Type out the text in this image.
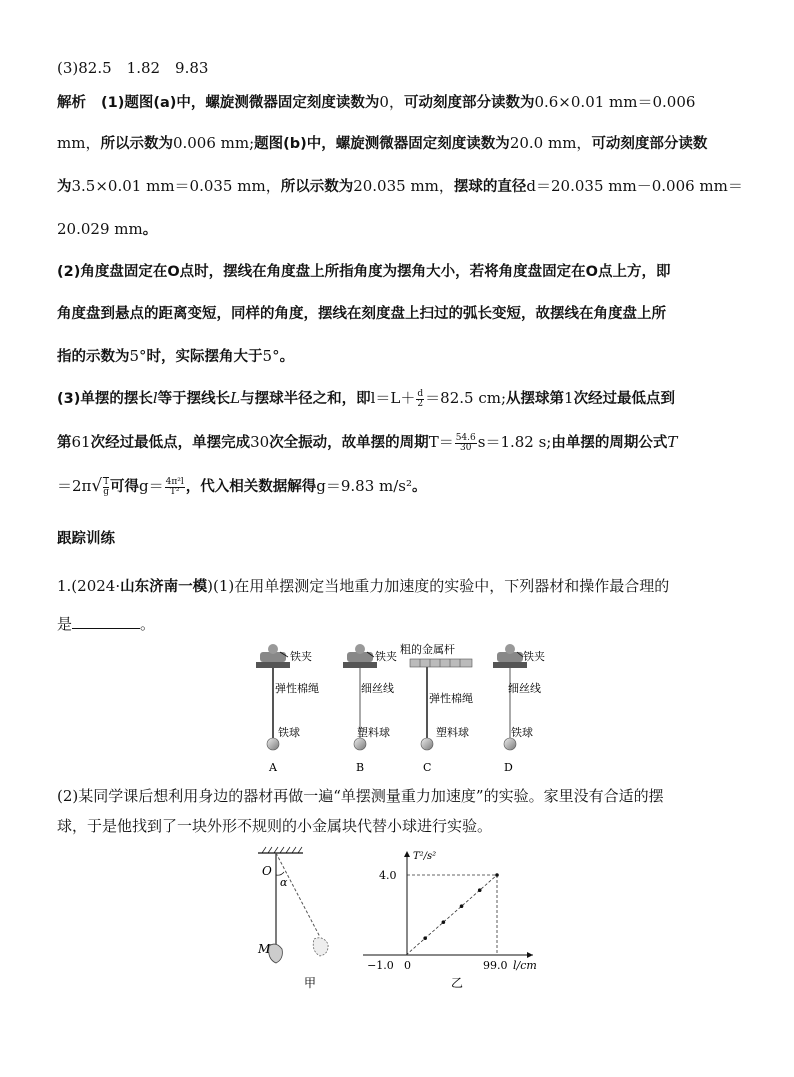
(3)82.5　1.82　9.83
解析　 (1)题图(a)中，螺旋测微器固定刻度读数为0，可动刻度部分读数为0.6×0.01 mm＝0.006
mm，所以示数为0.006 mm;题图(b)中，螺旋测微器固定刻度读数为20.0 mm，可动刻度部分读数
为3.5×0.01 mm＝0.035 mm，所以示数为20.035 mm，摆球的直径d＝20.035 mm－0.006 mm＝
20.029 mm。
(2)角度盘固定在O点时，摆线在角度盘上所指角度为摆角大小，若将角度盘固定在O点上方，即
角度盘到悬点的距离变短，同样的角度，摆线在刻度盘上扫过的弧长变短，故摆线在角度盘上所
指的示数为5°时，实际摆角大于5°。
(3)单摆的摆长l等于摆线长L与摆球半径之和，即$l=L+ \frac{d}{2} =82.5$ cm;从摆球第1次经过最低点到
第61次经过最低点，单摆完成30次全振动，故单摆的周期$T= \frac{54.6}{30} s=1.82$ s;由单摆的周期公式T
$=2\pi√ \frac{l}{g}$ 可得$g= \frac{\text{4π²l}}{\text{T²}}$ ，代入相关数据解得g＝9.83 m/s²。
跟踪训练
1.(2024·山东济南一模)(1)在用单摆测定当地重力加速度的实验中，下列器材和操作最合理的
是	。
铁夹
弹性棉绳
铁球
A
铁夹
细丝线
塑料球
B
粗的金属杆
弹性棉绳
塑料球
C
铁夹
细丝线
铁球
D
(2)某同学课后想利用身边的器材再做一遍“单摆测量重力加速度”的实验。家里没有合适的摆
球，于是他找到了一块外形不规则的小金属块代替小球进行实验。
O
α
M
甲
−1.0 0	99.0
4.0
l/cm
T²/s²
乙
